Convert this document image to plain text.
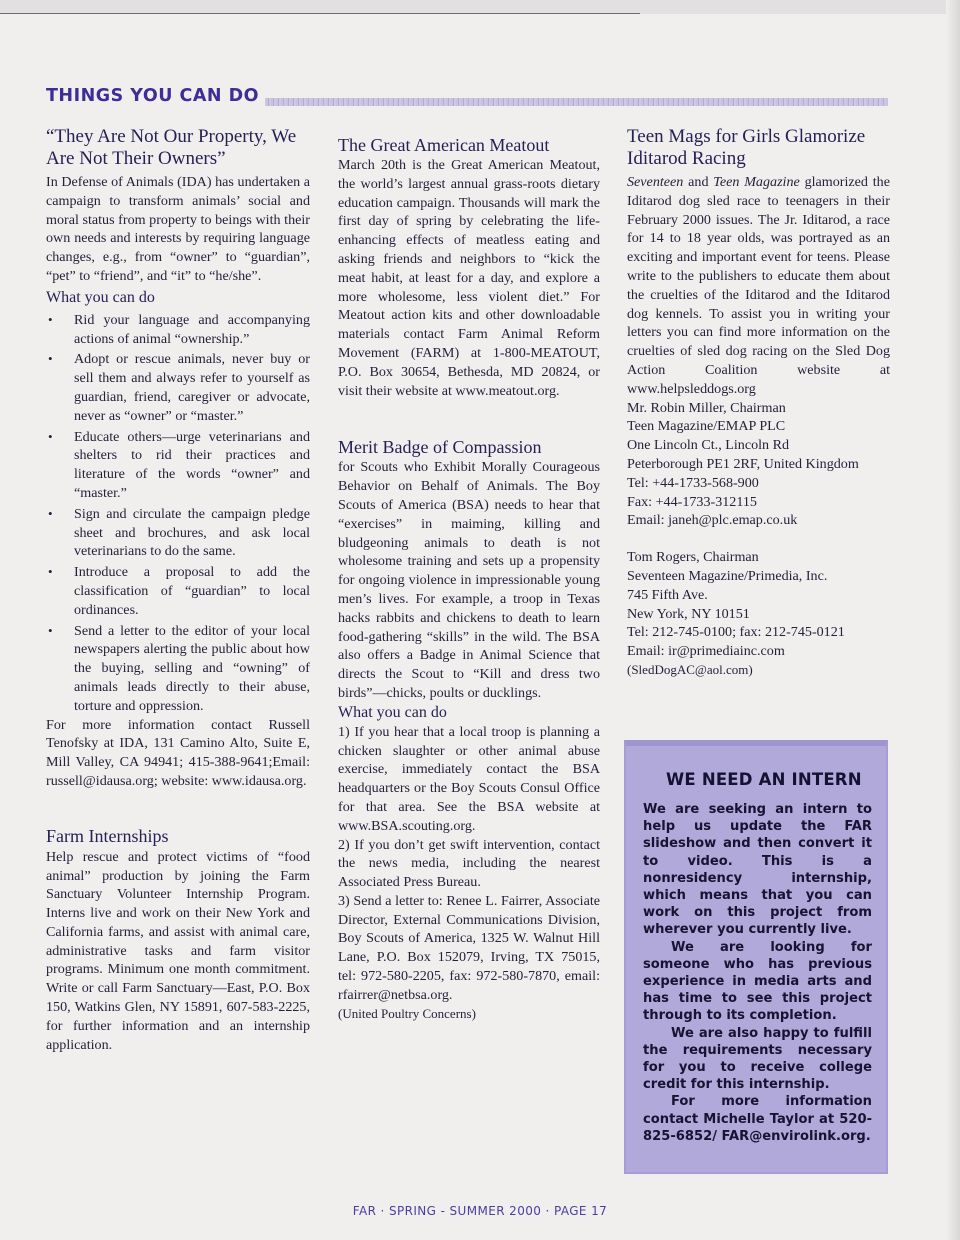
THINGS YOU CAN DO
“They Are Not Our Property, We Are Not Their Owners”

In Defense of Animals (IDA) has undertaken a campaign to transform animals’ social and moral status from property to beings with their own needs and interests by requiring language changes, e.g., from “owner” to “guardian”, “pet” to “friend”, and “it” to “he/she”.

What you can do
• Rid your language and accompanying actions of animal “ownership.”
• Adopt or rescue animals, never buy or sell them and always refer to yourself as guardian, friend, caregiver or advocate, never as “owner” or “master.”
• Educate others—urge veterinarians and shelters to rid their practices and literature of the words “owner” and “master.”
• Sign and circulate the campaign pledge sheet and brochures, and ask local veterinarians to do the same.
• Introduce a proposal to add the classification of “guardian” to local ordinances.
• Send a letter to the editor of your local newspapers alerting the public about how the buying, selling and “owning” of animals leads directly to their abuse, torture and oppression.

For more information contact Russell Tenofsky at IDA, 131 Camino Alto, Suite E, Mill Valley, CA 94941; 415-388-9641;Email: russell@idausa.org; website: www.idausa.org.

Farm Internships

Help rescue and protect victims of “food animal” production by joining the Farm Sanctuary Volunteer Internship Program. Interns live and work on their New York and California farms, and assist with animal care, administrative tasks and farm visitor programs. Minimum one month commitment. Write or call Farm Sanctuary—East, P.O. Box 150, Watkins Glen, NY 15891, 607-583-2225, for further information and an internship application.

The Great American Meatout

March 20th is the Great American Meatout, the world’s largest annual grass-roots dietary education campaign. Thousands will mark the first day of spring by celebrating the life-enhancing effects of meatless eating and asking friends and neighbors to “kick the meat habit, at least for a day, and explore a more wholesome, less violent diet.” For Meatout action kits and other downloadable materials contact Farm Animal Reform Movement (FARM) at 1-800-MEATOUT, P.O. Box 30654, Bethesda, MD 20824, or visit their website at www.meatout.org.

Merit Badge of Compassion

for Scouts who Exhibit Morally Courageous Behavior on Behalf of Animals. The Boy Scouts of America (BSA) needs to hear that “exercises” in maiming, killing and bludgeoning animals to death is not wholesome training and sets up a propensity for ongoing violence in impressionable young men’s lives. For example, a troop in Texas hacks rabbits and chickens to death to learn food-gathering “skills” in the wild. The BSA also offers a Badge in Animal Science that directs the Scout to “Kill and dress two birds”—chicks, poults or ducklings.

What you can do

1) If you hear that a local troop is planning a chicken slaughter or other animal abuse exercise, immediately contact the BSA headquarters or the Boy Scouts Consul Office for that area. See the BSA website at www.BSA.scouting.org.

2) If you don’t get swift intervention, contact the news media, including the nearest Associated Press Bureau.

3) Send a letter to: Renee L. Fairrer, Associate Director, External Communications Division, Boy Scouts of America, 1325 W. Walnut Hill Lane, P.O. Box 152079, Irving, TX 75015, tel: 972-580-2205, fax: 972-580-7870, email: rfairrer@netbsa.org.

(United Poultry Concerns)

Teen Mags for Girls Glamorize Iditarod Racing

Seventeen and Teen Magazine glamorized the Iditarod dog sled race to teenagers in their February 2000 issues. The Jr. Iditarod, a race for 14 to 18 year olds, was portrayed as an exciting and important event for teens. Please write to the publishers to educate them about the cruelties of the Iditarod and the Iditarod dog kennels. To assist you in writing your letters you can find more information on the cruelties of sled dog racing on the Sled Dog Action Coalition website at www.helpsleddogs.org

Mr. Robin Miller, Chairman
Teen Magazine/EMAP PLC
One Lincoln Ct., Lincoln Rd
Peterborough PE1 2RF, United Kingdom
Tel: +44-1733-568-900
Fax: +44-1733-312115
Email: janeh@plc.emap.co.uk
Tom Rogers, Chairman
Seventeen Magazine/Primedia, Inc.
745 Fifth Ave.
New York, NY 10151
Tel: 212-745-0100; fax: 212-745-0121
Email: ir@primediainc.com
(SledDogAC@aol.com)
WE NEED AN INTERN

We are seeking an intern to help us update the FAR slideshow and then convert it to video. This is a nonresidency internship, which means that you can work on this project from wherever you currently live.

We are looking for someone who has previous experience in media arts and has time to see this project through to its completion.

We are also happy to fulfill the requirements necessary for you to receive college credit for this internship.

For more information contact Michelle Taylor at 520-825-6852/ FAR@envirolink.org.

FAR · SPRING - SUMMER 2000 · PAGE 17
